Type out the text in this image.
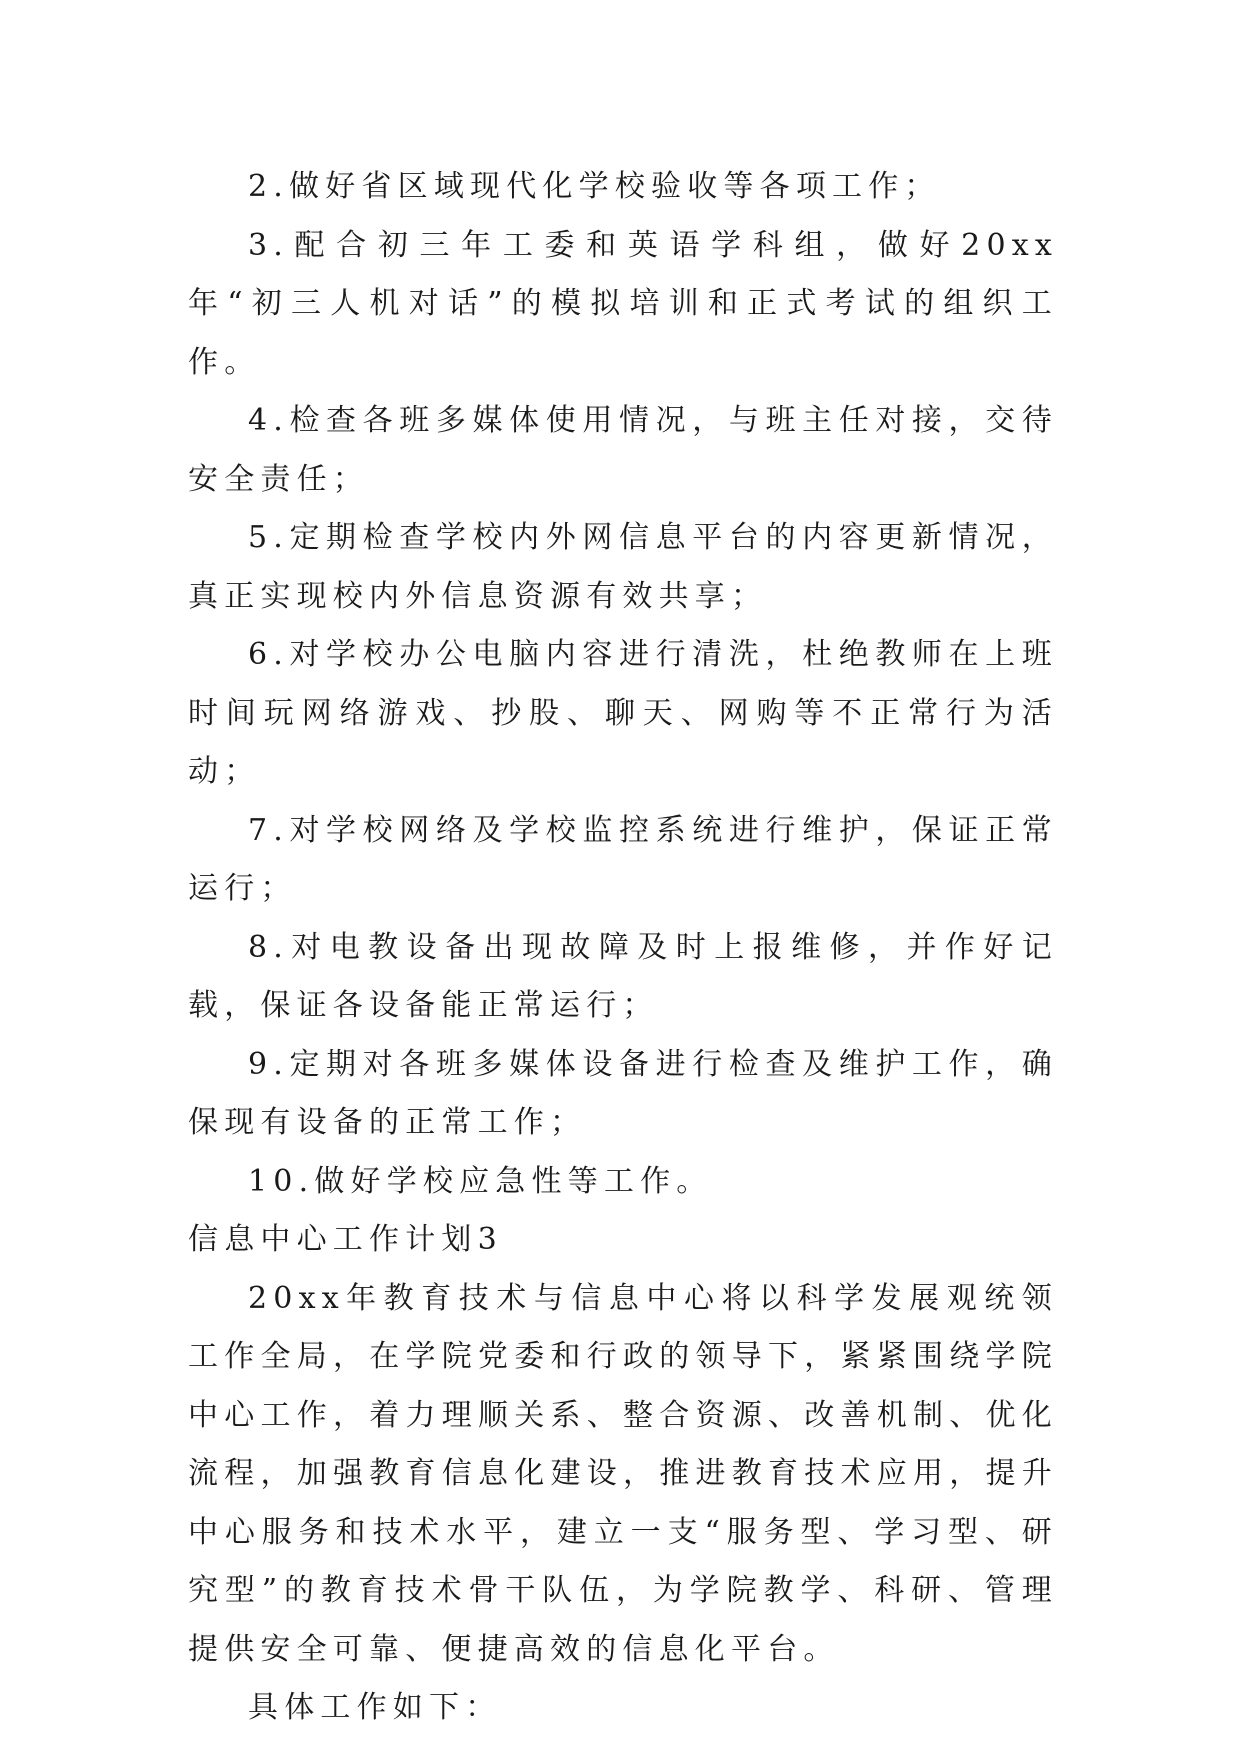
2.做好省区域现代化学校验收等各项工作；

3.配合初三年工委和英语学科组，做好20xx年“初三人机对话”的模拟培训和正式考试的组织工作。

4.检查各班多媒体使用情况，与班主任对接，交待安全责任；

5.定期检查学校内外网信息平台的内容更新情况，真正实现校内外信息资源有效共享；

6.对学校办公电脑内容进行清洗，杜绝教师在上班时间玩网络游戏、抄股、聊天、网购等不正常行为活动；

7.对学校网络及学校监控系统进行维护，保证正常运行；

8.对电教设备出现故障及时上报维修，并作好记载，保证各设备能正常运行；

9.定期对各班多媒体设备进行检查及维护工作，确保现有设备的正常工作；

10.做好学校应急性等工作。

信息中心工作计划3

20xx年教育技术与信息中心将以科学发展观统领工作全局，在学院党委和行政的领导下，紧紧围绕学院中心工作，着力理顺关系、整合资源、改善机制、优化流程，加强教育信息化建设，推进教育技术应用，提升中心服务和技术水平，建立一支“服务型、学习型、研究型”的教育技术骨干队伍，为学院教学、科研、管理提供安全可靠、便捷高效的信息化平台。

具体工作如下：
